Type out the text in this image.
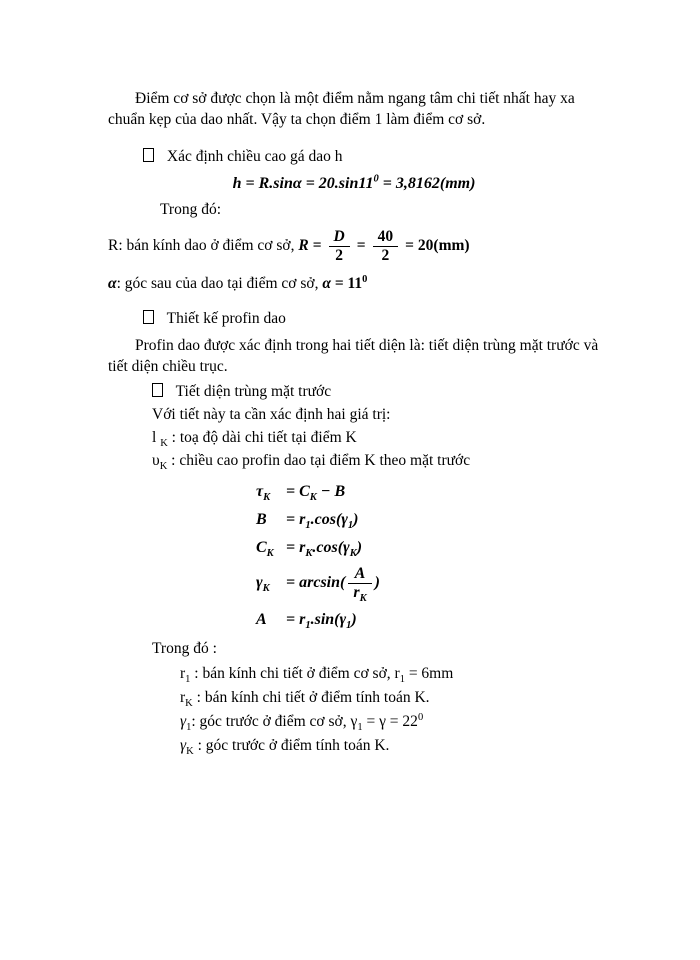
Điểm cơ sở được chọn là một điểm nằm ngang tâm chi tiết nhất hay xa chuẩn kẹp của dao nhất. Vậy ta chọn điểm 1 làm điểm cơ sở.

Xác định chiều cao gá dao h
$h = R.\sin\alpha = 20.\sin 11^0 = 3,8162(mm)$

Trong đó:

R: bán kính dao ở điểm cơ sở, $R = \frac{D}{2} = \frac{40}{2} = 20(mm)$
α: góc sau của dao tại điểm cơ sở, $\alpha = 11^0$
Thiết kế profin dao

Profin dao được xác định trong hai tiết diện là: tiết diện trùng mặt trước và tiết diện chiều trục.

Tiết diện trùng mặt trước

Với tiết này ta cần xác định hai giá trị:

l $_K$ : toạ độ dài chi tiết tại điểm K

$\upsilon_K$ : chiều cao profin dao tại điểm K theo mặt trước

$\tau_K = C_K - B$
$B = r_1.\cos(\gamma_1)$
$C_K = r_K.\cos(\gamma_K)$
$\gamma_K = \arcsin( \frac{A}{r_K}$ )
$A = r_1.\sin(\gamma_1)$

Trong đó :

$r_1$ : bán kính chi tiết ở điểm cơ sở, $r_1 = 6mm$

$r_K$ : bán kính chi tiết ở điểm tính toán K.

$\gamma_1$: góc trước ở điểm cơ sở, $\gamma_1 = \gamma = 22^0$

$\gamma_K$ : góc trước ở điểm tính toán K.
